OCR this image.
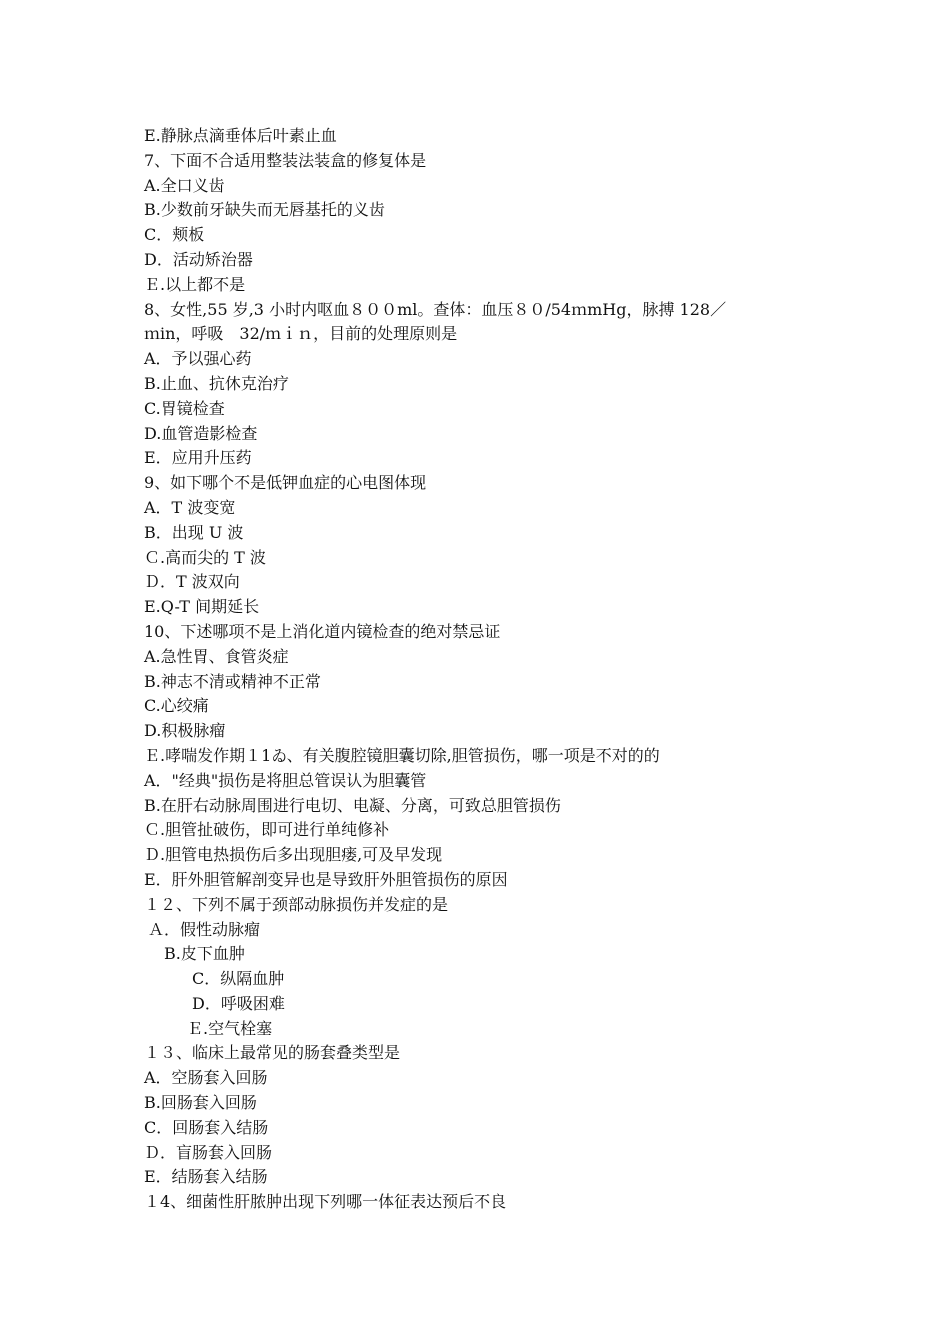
E.静脉点滴垂体后叶素止血
7、下面不合适用整装法装盒的修复体是
A.全口义齿
B.少数前牙缺失而无唇基托的义齿
C．颊板
D．活动矫治器
Ｅ.以上都不是
8、女性,55 岁,3 小时内呕血８００ml。查体：血压８０/54ｍmHg，脉搏 128／
ｍin，呼吸　32/ｍｉｎ，目前的处理原则是
A．予以强心药
B.止血、抗休克治疗
C.胃镜检查
D.血管造影检查
E．应用升压药
9、如下哪个不是低钾血症的心电图体现
A．T 波变宽
B．出现 U 波
Ｃ.高而尖的 T 波
Ｄ．T 波双向
E.Q-T 间期延长
10、下述哪项不是上消化道内镜检查的绝对禁忌证
A.急性胃、食管炎症
B.神志不清或精神不正常
C.心绞痛
D.积极脉瘤
Ｅ.哮喘发作期１1ゐ、有关腹腔镜胆囊切除,胆管损伤，哪一项是不对的的
A．"经典"损伤是将胆总管误认为胆囊管
B.在肝右动脉周围进行电切、电凝、分离，可致总胆管损伤
Ｃ.胆管扯破伤，即可进行单纯修补
Ｄ.胆管电热损伤后多出现胆瘘,可及早发现
E．肝外胆管解剖变异也是导致肝外胆管损伤的原因
１２、下列不属于颈部动脉损伤并发症的是
Ａ．假性动脉瘤
B.皮下血肿
C．纵隔血肿
D．呼吸困难
Ｅ.空气栓塞
１３、临床上最常见的肠套叠类型是
A．空肠套入回肠
B.回肠套入回肠
C．回肠套入结肠
Ｄ．盲肠套入回肠
E．结肠套入结肠
１4、细菌性肝脓肿出现下列哪一体征表达预后不良
